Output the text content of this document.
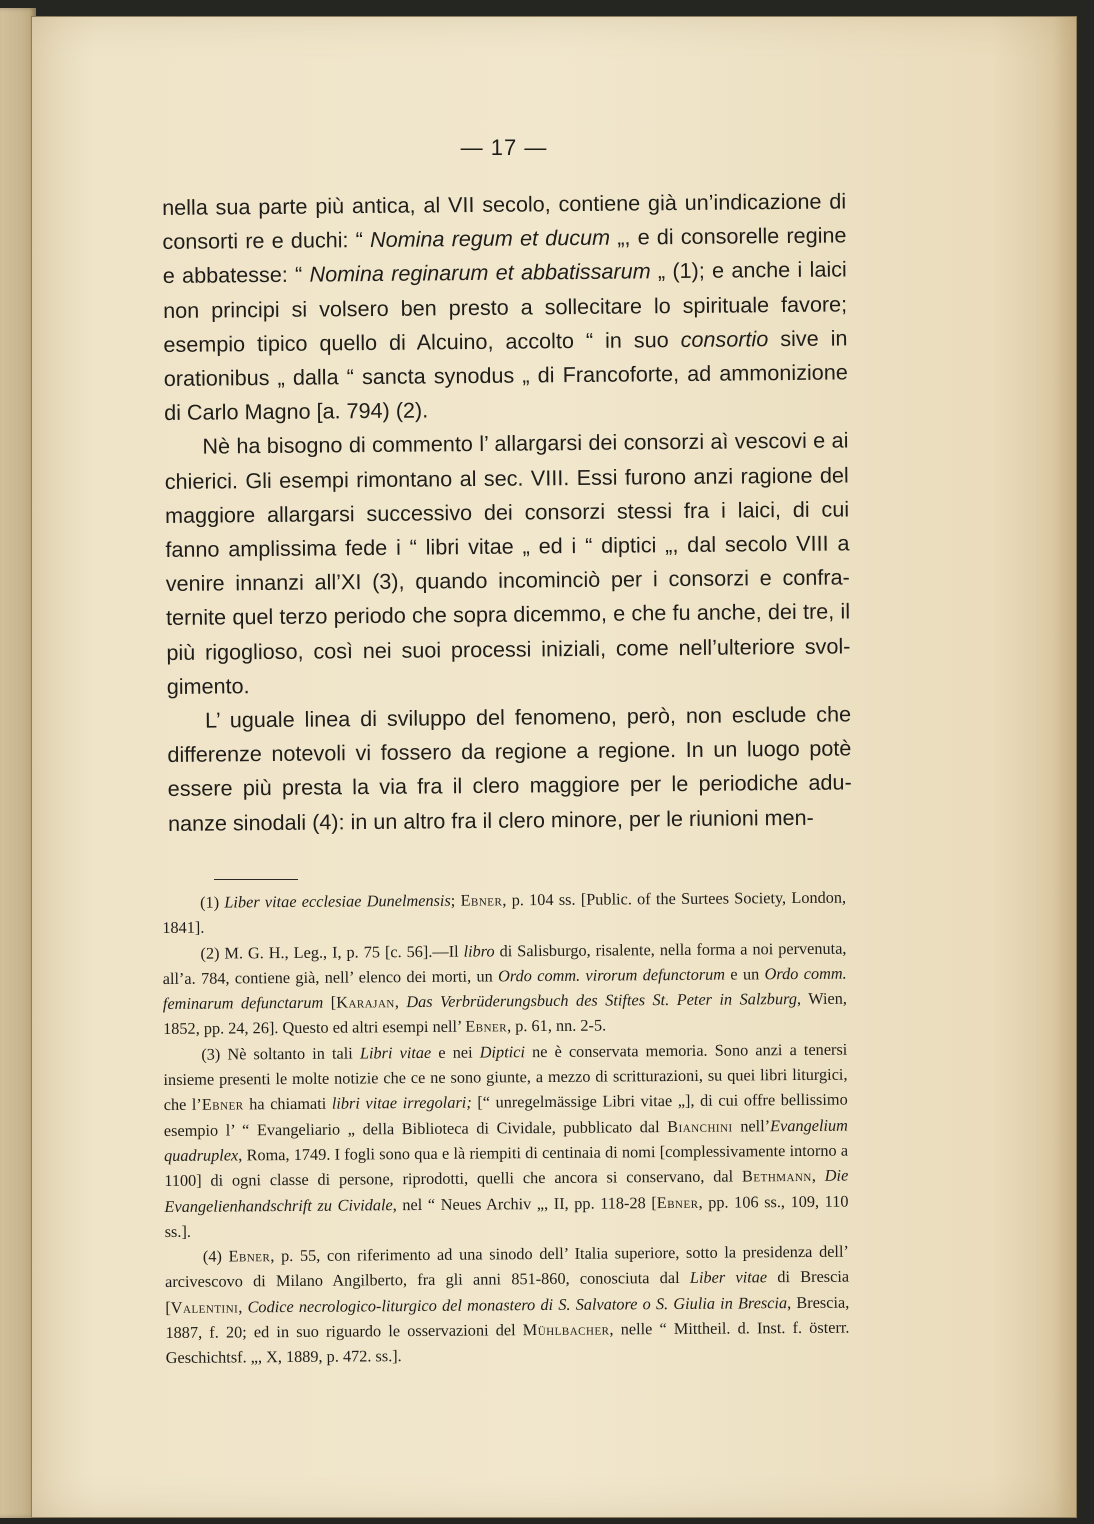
— 17 —

nella sua parte più antica, al VII secolo, contiene già un’indicazione di consorti re e duchi: “ Nomina regum et ducum „, e di consorelle regine e abbatesse: “ Nomina reginarum et abbatissarum „ (1); e anche i laici non principi si volsero ben presto a sollecitare lo spirituale favore; esempio tipico quello di Alcuino, accolto “ in suo consortio sive in orationibus „ dalla “ sancta synodus „ di Francoforte, ad ammonizione di Carlo Magno [a. 794) (2).

Nè ha bisogno di commento l’ allargarsi dei consorzi aì vescovi e ai chierici. Gli esempi rimontano al sec. VIII. Essi furono anzi ragione del maggiore allargarsi successivo dei consorzi stessi fra i laici, di cui fanno amplissima fede i “ libri vitae „ ed i “ diptici „, dal secolo VIII a venire innanzi all’XI (3), quando incominciò per i consorzi e confraternite quel terzo periodo che sopra dicemmo, e che fu anche, dei tre, il più rigoglioso, così nei suoi processi iniziali, come nell’ulteriore svolgimento.

L’ uguale linea di sviluppo del fenomeno, però, non esclude che differenze notevoli vi fossero da regione a regione. In un luogo potè essere più presta la via fra il clero maggiore per le periodiche adunanze sinodali (4): in un altro fra il clero minore, per le riunioni men-

(1) Liber vitae ecclesiae Dunelmensis; Ebner, p. 104 ss. [Public. of the Surtees Society, London, 1841].

(2) M. G. H., Leg., I, p. 75 [c. 56].—Il libro di Salisburgo, risalente, nella forma a noi pervenuta, all’a. 784, contiene già, nell’ elenco dei morti, un Ordo comm. virorum defunctorum e un Ordo comm. feminarum defunctarum [Karajan, Das Verbrüderungsbuch des Stiftes St. Peter in Salzburg, Wien, 1852, pp. 24, 26]. Questo ed altri esempi nell’ Ebner, p. 61, nn. 2-5.

(3) Nè soltanto in tali Libri vitae e nei Diptici ne è conservata memoria. Sono anzi a tenersi insieme presenti le molte notizie che ce ne sono giunte, a mezzo di scritturazioni, su quei libri liturgici, che l’Ebner ha chiamati libri vitae irregolari; [“ unregelmässige Libri vitae „], di cui offre bellissimo esempio l’ “ Evangeliario „ della Biblioteca di Cividale, pubblicato dal Bianchini nell’Evangelium quadruplex, Roma, 1749. I fogli sono qua e là riempiti di centinaia di nomi [complessivamente intorno a 1100] di ogni classe di persone, riprodotti, quelli che ancora si conservano, dal Bethmann, Die Evangelienhandschrift zu Cividale, nel “ Neues Archiv „, II, pp. 118-28 [Ebner, pp. 106 ss., 109, 110 ss.].

(4) Ebner, p. 55, con riferimento ad una sinodo dell’ Italia superiore, sotto la presidenza dell’ arcivescovo di Milano Angilberto, fra gli anni 851-860, conosciuta dal Liber vitae di Brescia [Valentini, Codice necrologico-liturgico del monastero di S. Salvatore o S. Giulia in Brescia, Brescia, 1887, f. 20; ed in suo riguardo le osservazioni del Mühlbacher, nelle “ Mittheil. d. Inst. f. österr. Geschichtsf. „, X, 1889, p. 472. ss.].
